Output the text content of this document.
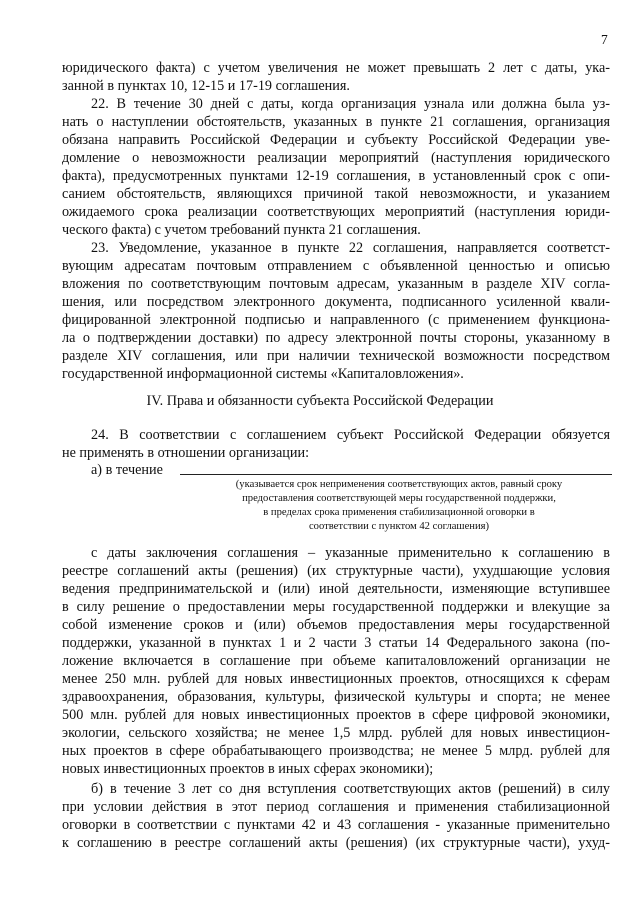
7
юридического факта) с учетом увеличения не может превышать 2 лет с даты, ука-
занной в пунктах 10, 12-15 и 17-19 соглашения.
22. В течение 30 дней с даты, когда организация узнала или должна была уз-
нать о наступлении обстоятельств, указанных в пункте 21 соглашения, организация
обязана направить Российской Федерации и субъекту Российской Федерации уве-
домление о невозможности реализации мероприятий (наступления юридического
факта), предусмотренных пунктами 12-19 соглашения, в установленный срок с опи-
санием обстоятельств, являющихся причиной такой невозможности, и указанием
ожидаемого срока реализации соответствующих мероприятий (наступления юриди-
ческого факта) с учетом требований пункта 21 соглашения.
23. Уведомление, указанное в пункте 22 соглашения, направляется соответст-
вующим адресатам почтовым отправлением с объявленной ценностью и описью
вложения по соответствующим почтовым адресам, указанным в разделе XIV согла-
шения, или посредством электронного документа, подписанного усиленной квали-
фицированной электронной подписью и направленного (с применением функциона-
ла о подтверждении доставки) по адресу электронной почты стороны, указанному в
разделе XIV соглашения, или при наличии технической возможности посредством
государственной информационной системы «Капиталовложения».
IV. Права и обязанности субъекта Российской Федерации
24. В соответствии с соглашением субъект Российской Федерации обязуется
не применять в отношении организации:
а) в течение
(указывается срок неприменения соответствующих актов, равный сроку
предоставления соответствующей меры государственной поддержки,
в пределах срока применения стабилизационной оговорки в
соответствии с пунктом 42 соглашения)
с даты заключения соглашения – указанные применительно к соглашению в
реестре соглашений акты (решения) (их структурные части), ухудшающие условия
ведения предпринимательской и (или) иной деятельности, изменяющие вступившее
в силу решение о предоставлении меры государственной поддержки и влекущие за
собой изменение сроков и (или) объемов предоставления меры государственной
поддержки, указанной в пунктах 1 и 2 части 3 статьи 14 Федерального закона (по-
ложение включается в соглашение при объеме капиталовложений организации не
менее 250 млн. рублей для новых инвестиционных проектов, относящихся к сферам
здравоохранения, образования, культуры, физической культуры и спорта; не менее
500 млн. рублей для новых инвестиционных проектов в сфере цифровой экономики,
экологии, сельского хозяйства; не менее 1,5 млрд. рублей для новых инвестицион-
ных проектов в сфере обрабатывающего производства; не менее 5 млрд. рублей для
новых инвестиционных проектов в иных сферах экономики);
б) в течение 3 лет со дня вступления соответствующих актов (решений) в силу
при условии действия в этот период соглашения и применения стабилизационной
оговорки в соответствии с пунктами 42 и 43 соглашения - указанные применительно
к соглашению в реестре соглашений акты (решения) (их структурные части), ухуд-
